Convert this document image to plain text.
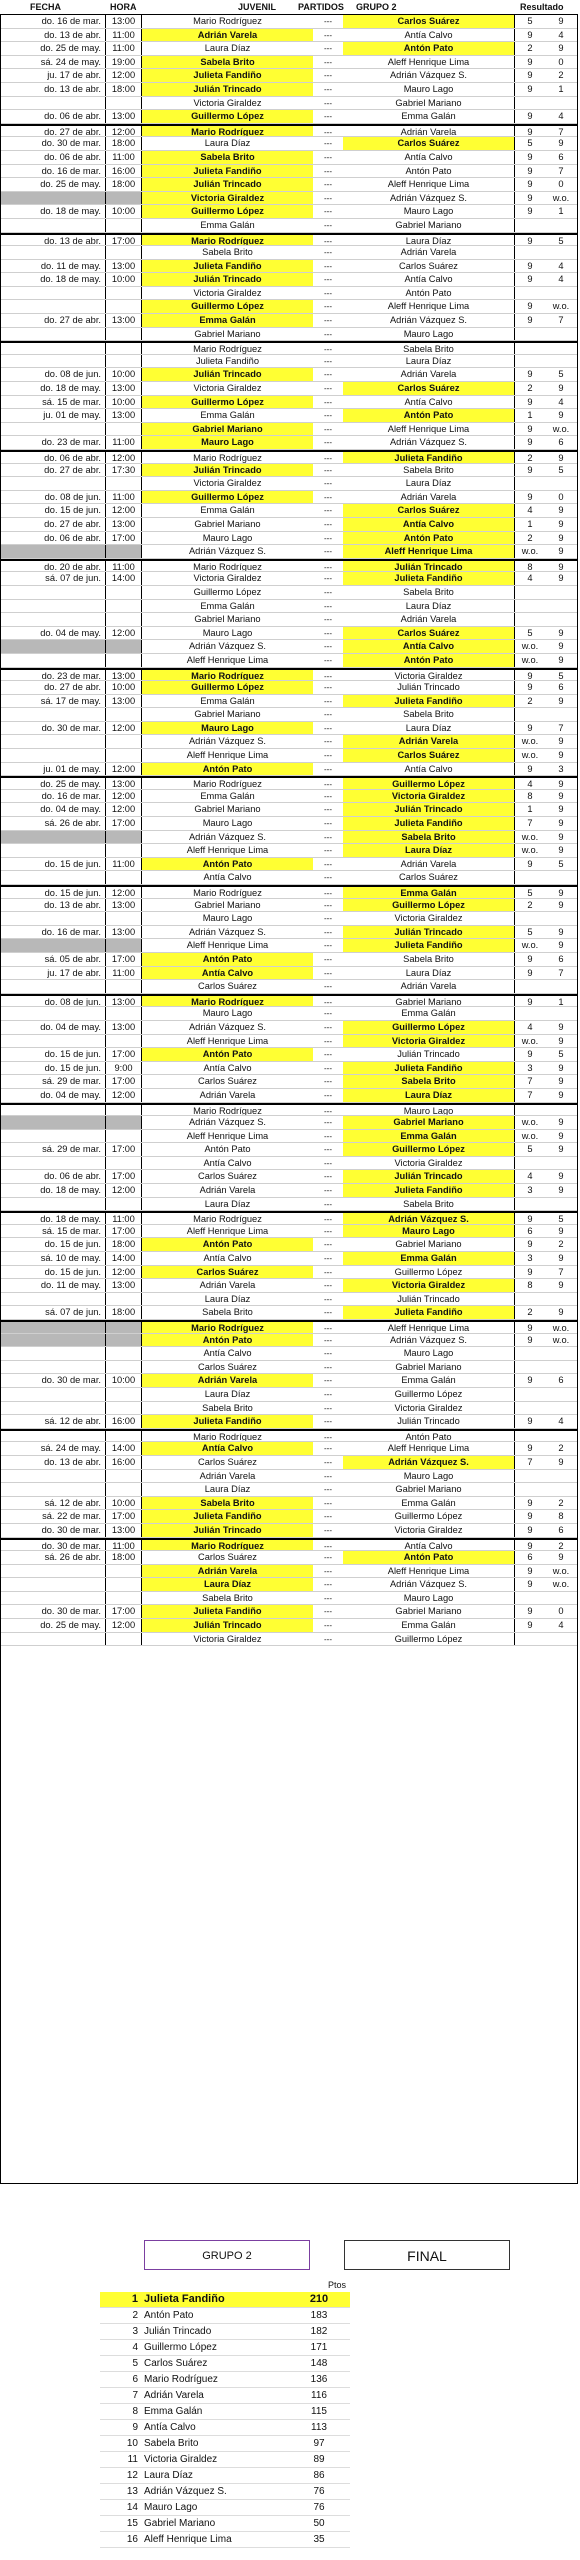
FECHA	HORA	JUVENIL PARTIDOS GRUPO 2	Resultado
do. 16 de mar.	13:00	Mario Rodríguez	---	Carlos Suárez	5	9
do. 13 de abr.	11:00	Adrián Varela	---	Antía Calvo	9	4
do. 25 de may.	11:00	Laura Díaz	---	Antón Pato	2	9
sá. 24 de may.	19:00	Sabela Brito	---	Aleff Henrique Lima	9	0
ju. 17 de abr.	12:00	Julieta Fandiño	---	Adrián Vázquez S.	9	2
do. 13 de abr.	18:00	Julián Trincado	---	Mauro Lago	9	1
Victoria Giraldez	---	Gabriel Mariano
do. 06 de abr.	13:00	Guillermo López	---	Emma Galán	9	4
do. 27 de abr.	12:00	Mario Rodríguez	---	Adrián Varela	9	7
do. 30 de mar.	18:00	Laura Díaz	---	Carlos Suárez	5	9
do. 06 de abr.	11:00	Sabela Brito	---	Antía Calvo	9	6
do. 16 de mar.	16:00	Julieta Fandiño	---	Antón Pato	9	7
do. 25 de may.	18:00	Julián Trincado	---	Aleff Henrique Lima	9	0
Victoria Giraldez	---	Adrián Vázquez S.	9	w.o.
do. 18 de may.	10:00	Guillermo López	---	Mauro Lago	9	1
Emma Galán	---	Gabriel Mariano
do. 13 de abr.	17:00	Mario Rodríguez	---	Laura Díaz	9	5
Sabela Brito	---	Adrián Varela
do. 11 de may.	13:00	Julieta Fandiño	---	Carlos Suárez	9	4
do. 18 de may.	10:00	Julián Trincado	---	Antía Calvo	9	4
Victoria Giraldez	---	Antón Pato
Guillermo López	---	Aleff Henrique Lima	9	w.o.
do. 27 de abr.	13:00	Emma Galán	---	Adrián Vázquez S.	9	7
Gabriel Mariano	---	Mauro Lago
Mario Rodríguez	---	Sabela Brito
Julieta Fandiño	---	Laura Díaz
do. 08 de jun.	10:00	Julián Trincado	---	Adrián Varela	9	5
do. 18 de may.	13:00	Victoria Giraldez	---	Carlos Suárez	2	9
sá. 15 de mar.	10:00	Guillermo López	---	Antía Calvo	9	4
ju. 01 de may.	13:00	Emma Galán	---	Antón Pato	1	9
Gabriel Mariano	---	Aleff Henrique Lima	9	w.o.
do. 23 de mar.	11:00	Mauro Lago	---	Adrián Vázquez S.	9	6
do. 06 de abr.	12:00	Mario Rodríguez	---	Julieta Fandiño	2	9
do. 27 de abr.	17:30	Julián Trincado	---	Sabela Brito	9	5
Victoria Giraldez	---	Laura Díaz
do. 08 de jun.	11:00	Guillermo López	---	Adrián Varela	9	0
do. 15 de jun.	12:00	Emma Galán	---	Carlos Suárez	4	9
do. 27 de abr.	13:00	Gabriel Mariano	---	Antía Calvo	1	9
do. 06 de abr.	17:00	Mauro Lago	---	Antón Pato	2	9
Adrián Vázquez S.	---	Aleff Henrique Lima	w.o.	9
do. 20 de abr.	11:00	Mario Rodríguez	---	Julián Trincado	8	9
sá. 07 de jun.	14:00	Victoria Giraldez	---	Julieta Fandiño	4	9
Guillermo López	---	Sabela Brito
Emma Galán	---	Laura Díaz
Gabriel Mariano	---	Adrián Varela
do. 04 de may.	12:00	Mauro Lago	---	Carlos Suárez	5	9
Adrián Vázquez S.	---	Antía Calvo	w.o.	9
Aleff Henrique Lima	---	Antón Pato	w.o.	9
do. 23 de mar.	13:00	Mario Rodríguez	---	Victoria Giraldez	9	5
do. 27 de abr.	10:00	Guillermo López	---	Julián Trincado	9	6
sá. 17 de may.	13:00	Emma Galán	---	Julieta Fandiño	2	9
Gabriel Mariano	---	Sabela Brito
do. 30 de mar.	12:00	Mauro Lago	---	Laura Díaz	9	7
Adrián Vázquez S.	---	Adrián Varela	w.o.	9
Aleff Henrique Lima	---	Carlos Suárez	w.o.	9
ju. 01 de may.	12:00	Antón Pato	---	Antía Calvo	9	3
do. 25 de may.	13:00	Mario Rodríguez	---	Guillermo López	4	9
do. 16 de mar.	12:00	Emma Galán	---	Victoria Giraldez	8	9
do. 04 de may.	12:00	Gabriel Mariano	---	Julián Trincado	1	9
sá. 26 de abr.	17:00	Mauro Lago	---	Julieta Fandiño	7	9
Adrián Vázquez S.	---	Sabela Brito	w.o.	9
Aleff Henrique Lima	---	Laura Díaz	w.o.	9
do. 15 de jun.	11:00	Antón Pato	---	Adrián Varela	9	5
Antía Calvo	---	Carlos Suárez
do. 15 de jun.	12:00	Mario Rodríguez	---	Emma Galán	5	9
do. 13 de abr.	13:00	Gabriel Mariano	---	Guillermo López	2	9
Mauro Lago	---	Victoria Giraldez
do. 16 de mar.	13:00	Adrián Vázquez S.	---	Julián Trincado	5	9
Aleff Henrique Lima	---	Julieta Fandiño	w.o.	9
sá. 05 de abr.	17:00	Antón Pato	---	Sabela Brito	9	6
ju. 17 de abr.	11:00	Antía Calvo	---	Laura Díaz	9	7
Carlos Suárez	---	Adrián Varela
do. 08 de jun.	13:00	Mario Rodríguez	---	Gabriel Mariano	9	1
Mauro Lago	---	Emma Galán
do. 04 de may.	13:00	Adrián Vázquez S.	---	Guillermo López	4	9
Aleff Henrique Lima	---	Victoria Giraldez	w.o.	9
do. 15 de jun.	17:00	Antón Pato	---	Julián Trincado	9	5
do. 15 de jun.	9:00	Antía Calvo	---	Julieta Fandiño	3	9
sá. 29 de mar.	17:00	Carlos Suárez	---	Sabela Brito	7	9
do. 04 de may.	12:00	Adrián Varela	---	Laura Díaz	7	9
Mario Rodríguez	---	Mauro Lago
Adrián Vázquez S.	---	Gabriel Mariano	w.o.	9
Aleff Henrique Lima	---	Emma Galán	w.o.	9
sá. 29 de mar.	17:00	Antón Pato	---	Guillermo López	5	9
Antía Calvo	---	Victoria Giraldez
do. 06 de abr.	17:00	Carlos Suárez	---	Julián Trincado	4	9
do. 18 de may.	12:00	Adrián Varela	---	Julieta Fandiño	3	9
Laura Díaz	---	Sabela Brito
do. 18 de may.	11:00	Mario Rodríguez	---	Adrián Vázquez S.	9	5
sá. 15 de mar.	17:00	Aleff Henrique Lima	---	Mauro Lago	6	9
do. 15 de jun.	18:00	Antón Pato	---	Gabriel Mariano	9	2
sá. 10 de may.	14:00	Antía Calvo	---	Emma Galán	3	9
do. 15 de jun.	12:00	Carlos Suárez	---	Guillermo López	9	7
do. 11 de may.	13:00	Adrián Varela	---	Victoria Giraldez	8	9
Laura Díaz	---	Julián Trincado
sá. 07 de jun.	18:00	Sabela Brito	---	Julieta Fandiño	2	9
Mario Rodríguez	---	Aleff Henrique Lima	9	w.o.
Antón Pato	---	Adrián Vázquez S.	9	w.o.
Antía Calvo	---	Mauro Lago
Carlos Suárez	---	Gabriel Mariano
do. 30 de mar.	10:00	Adrián Varela	---	Emma Galán	9	6
Laura Díaz	---	Guillermo López
Sabela Brito	---	Victoria Giraldez
sá. 12 de abr.	16:00	Julieta Fandiño	---	Julián Trincado	9	4
Mario Rodríguez	---	Antón Pato
sá. 24 de may.	14:00	Antía Calvo	---	Aleff Henrique Lima	9	2
do. 13 de abr.	16:00	Carlos Suárez	---	Adrián Vázquez S.	7	9
Adrián Varela	---	Mauro Lago
Laura Díaz	---	Gabriel Mariano
sá. 12 de abr.	10:00	Sabela Brito	---	Emma Galán	9	2
sá. 22 de mar.	17:00	Julieta Fandiño	---	Guillermo López	9	8
do. 30 de mar.	13:00	Julián Trincado	---	Victoria Giraldez	9	6
do. 30 de mar.	11:00	Mario Rodríguez	---	Antía Calvo	9	2
sá. 26 de abr.	18:00	Carlos Suárez	---	Antón Pato	6	9
Adrián Varela	---	Aleff Henrique Lima	9	w.o.
Laura Díaz	---	Adrián Vázquez S.	9	w.o.
Sabela Brito	---	Mauro Lago
do. 30 de mar.	17:00	Julieta Fandiño	---	Gabriel Mariano	9	0
do. 25 de may.	12:00	Julián Trincado	---	Emma Galán	9	4
Victoria Giraldez	---	Guillermo López
GRUPO 2	FINAL
Ptos
1 Julieta Fandiño	210
2 Antón Pato	183
3 Julián Trincado	182
4 Guillermo López	171
5 Carlos Suárez	148
6 Mario Rodríguez	136
7 Adrián Varela	116
8 Emma Galán	115
9 Antía Calvo	113
10 Sabela Brito	97
11 Victoria Giraldez	89
12 Laura Díaz	86
13 Adrián Vázquez S.	76
14 Mauro Lago	76
15 Gabriel Mariano	50
16 Aleff Henrique Lima	35
